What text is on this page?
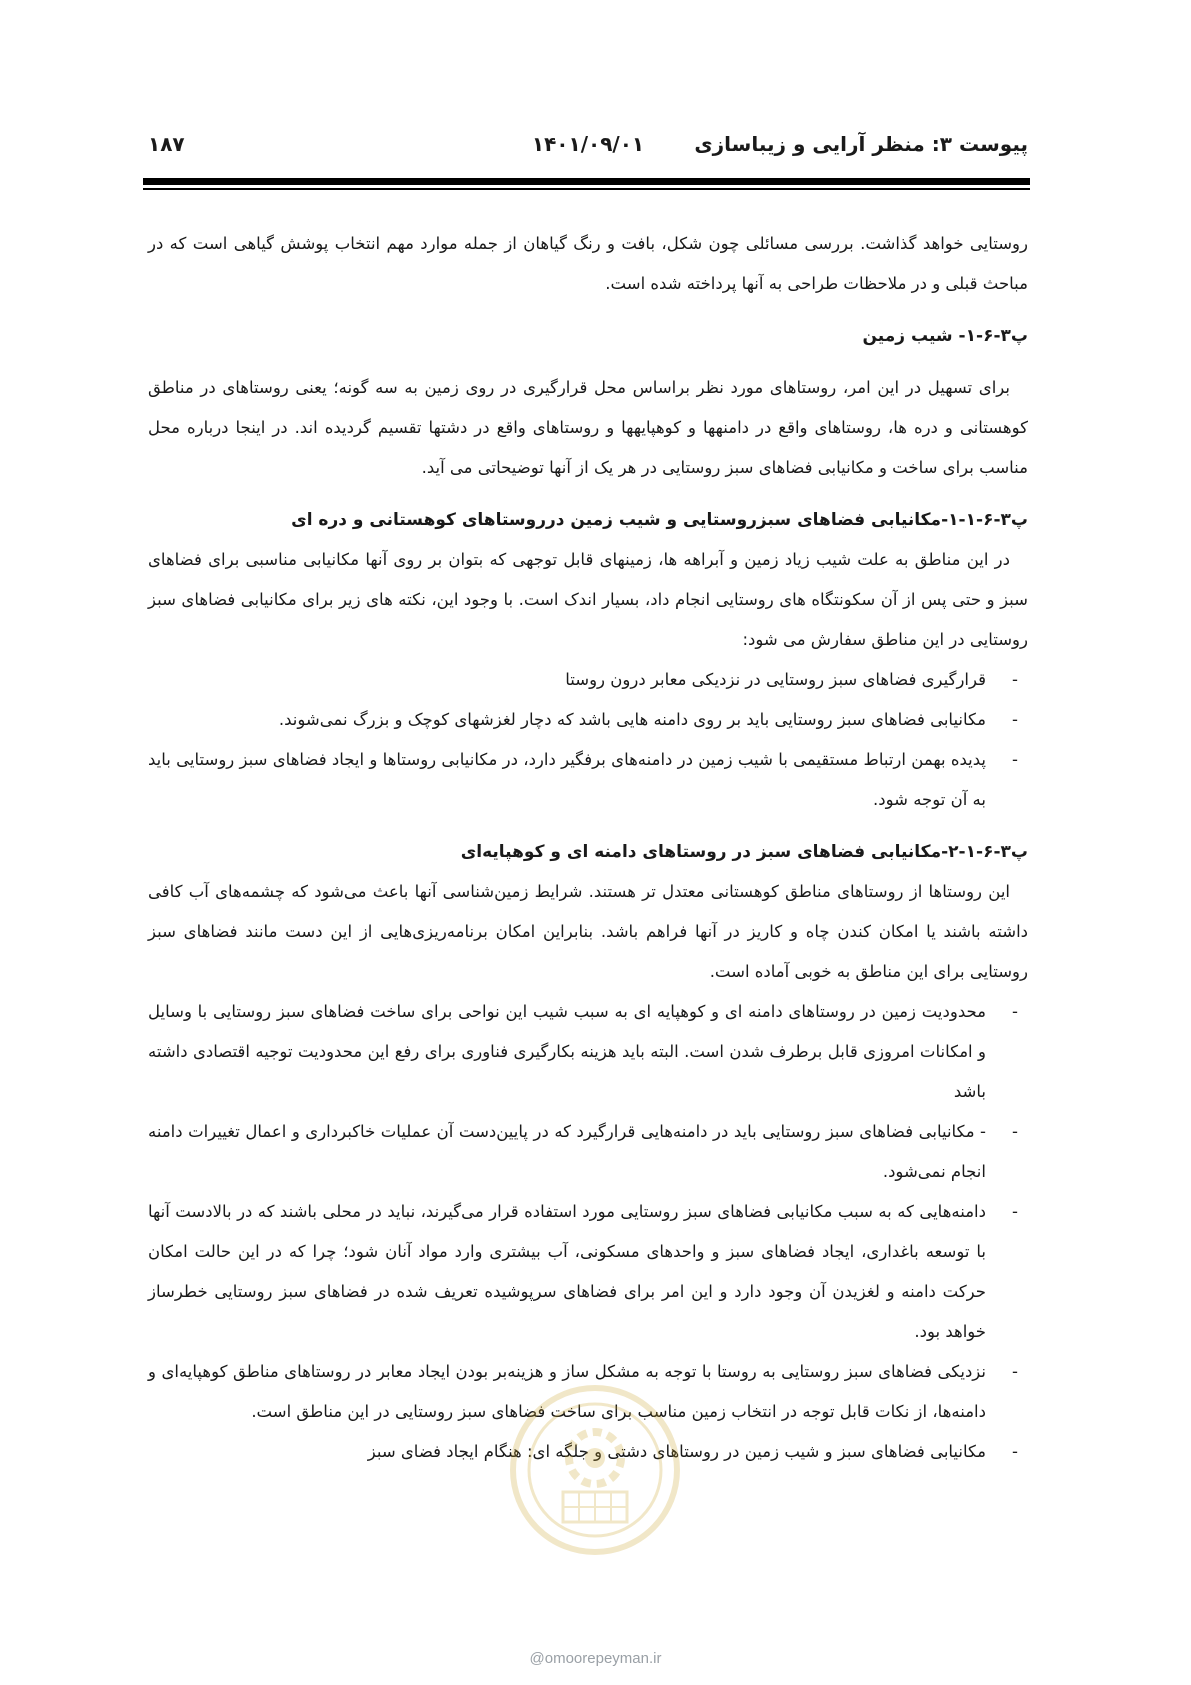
پیوست ۳: منظر آرایی و زیباسازی
۱۴۰۱/۰۹/۰۱
۱۸۷

روستایی خواهد گذاشت. بررسی مسائلی چون شکل، بافت و رنگ گیاهان از جمله موارد مهم انتخاب پوشش گیاهی است که در مباحث قبلی و در ملاحظات طراحی به آنها پرداخته شده است.

پ۳-۶-۱- شیب زمین

برای تسهیل در این امر، روستاهای مورد نظر براساس محل قرارگیری در روی زمین به سه گونه؛ یعنی روستاهای در مناطق کوهستانی و دره ها، روستاهای واقع در دامنهها و کوهپایهها و روستاهای واقع در دشتها تقسیم گردیده اند. در اینجا درباره محل مناسب برای ساخت و مکانیابی فضاهای سبز روستایی در هر یک از آنها توضیحاتی می آید.

پ۳-۶-۱-۱-مکانیابی فضاهای سبزروستایی و شیب زمین درروستاهای کوهستانی و دره ای

در این مناطق به علت شیب زیاد زمین و آبراهه ها، زمینهای قابل توجهی که بتوان بر روی آنها مکانیابی مناسبی برای فضاهای سبز و حتی پس از آن سکونتگاه های روستایی انجام داد، بسیار اندک است. با وجود این، نکته های زیر برای مکانیابی فضاهای سبز روستایی در این مناطق سفارش می شود:

- قرارگیری فضاهای سبز روستایی در نزدیکی معابر درون روستا
- مکانیابی فضاهای سبز روستایی باید بر روی دامنه هایی باشد که دچار لغزشهای کوچک و بزرگ نمی‌شوند.
- پدیده بهمن ارتباط مستقیمی با شیب زمین در دامنه‌های برفگیر دارد، در مکانیابی روستاها و ایجاد فضاهای سبز روستایی باید به آن توجه شود.

پ۳-۶-۱-۲-مکانیابی فضاهای سبز در روستاهای دامنه ای و کوهپایه‌ای

این روستاها از روستاهای مناطق کوهستانی معتدل تر هستند. شرایط زمین‌شناسی آنها باعث می‌شود که چشمه‌های آب کافی داشته باشند یا امکان کندن چاه و کاریز در آنها فراهم باشد. بنابراین امکان برنامه‌ریزی‌هایی از این دست مانند فضاهای سبز روستایی برای این مناطق به خوبی آماده است.

- محدودیت زمین در روستاهای دامنه ای و کوهپایه ای به سبب شیب این نواحی برای ساخت فضاهای سبز روستایی با وسایل و امکانات امروزی قابل برطرف شدن است. البته باید هزینه بکارگیری فناوری برای رفع این محدودیت توجیه اقتصادی داشته باشد
- - مکانیابی فضاهای سبز روستایی باید در دامنه‌هایی قرارگیرد که در پایین‌دست آن عملیات خاکبرداری و اعمال تغییرات دامنه انجام نمی‌شود.
- دامنه‌هایی که به سبب مکانیابی فضاهای سبز روستایی مورد استفاده قرار می‌گیرند، نباید در محلی باشند که در بالادست آنها با توسعه باغداری، ایجاد فضاهای سبز و واحدهای مسکونی، آب بیشتری وارد مواد آنان شود؛ چرا که در این حالت امکان حرکت دامنه و لغزیدن آن وجود دارد و این امر برای فضاهای سرپوشیده تعریف شده در فضاهای سبز روستایی خطرساز خواهد بود.
- نزدیکی فضاهای سبز روستایی به روستا با توجه به مشکل ساز و هزینه‌بر بودن ایجاد معابر در روستاهای مناطق کوهپایه‌ای و دامنه‌ها، از نکات قابل توجه در انتخاب زمین مناسب برای ساخت فضاهای سبز روستایی در این مناطق است.
- مکانیابی فضاهای سبز و شیب زمین در روستاهای دشتی و جلگه ای: هنگام ایجاد فضای سبز
@omoorepeyman.ir
